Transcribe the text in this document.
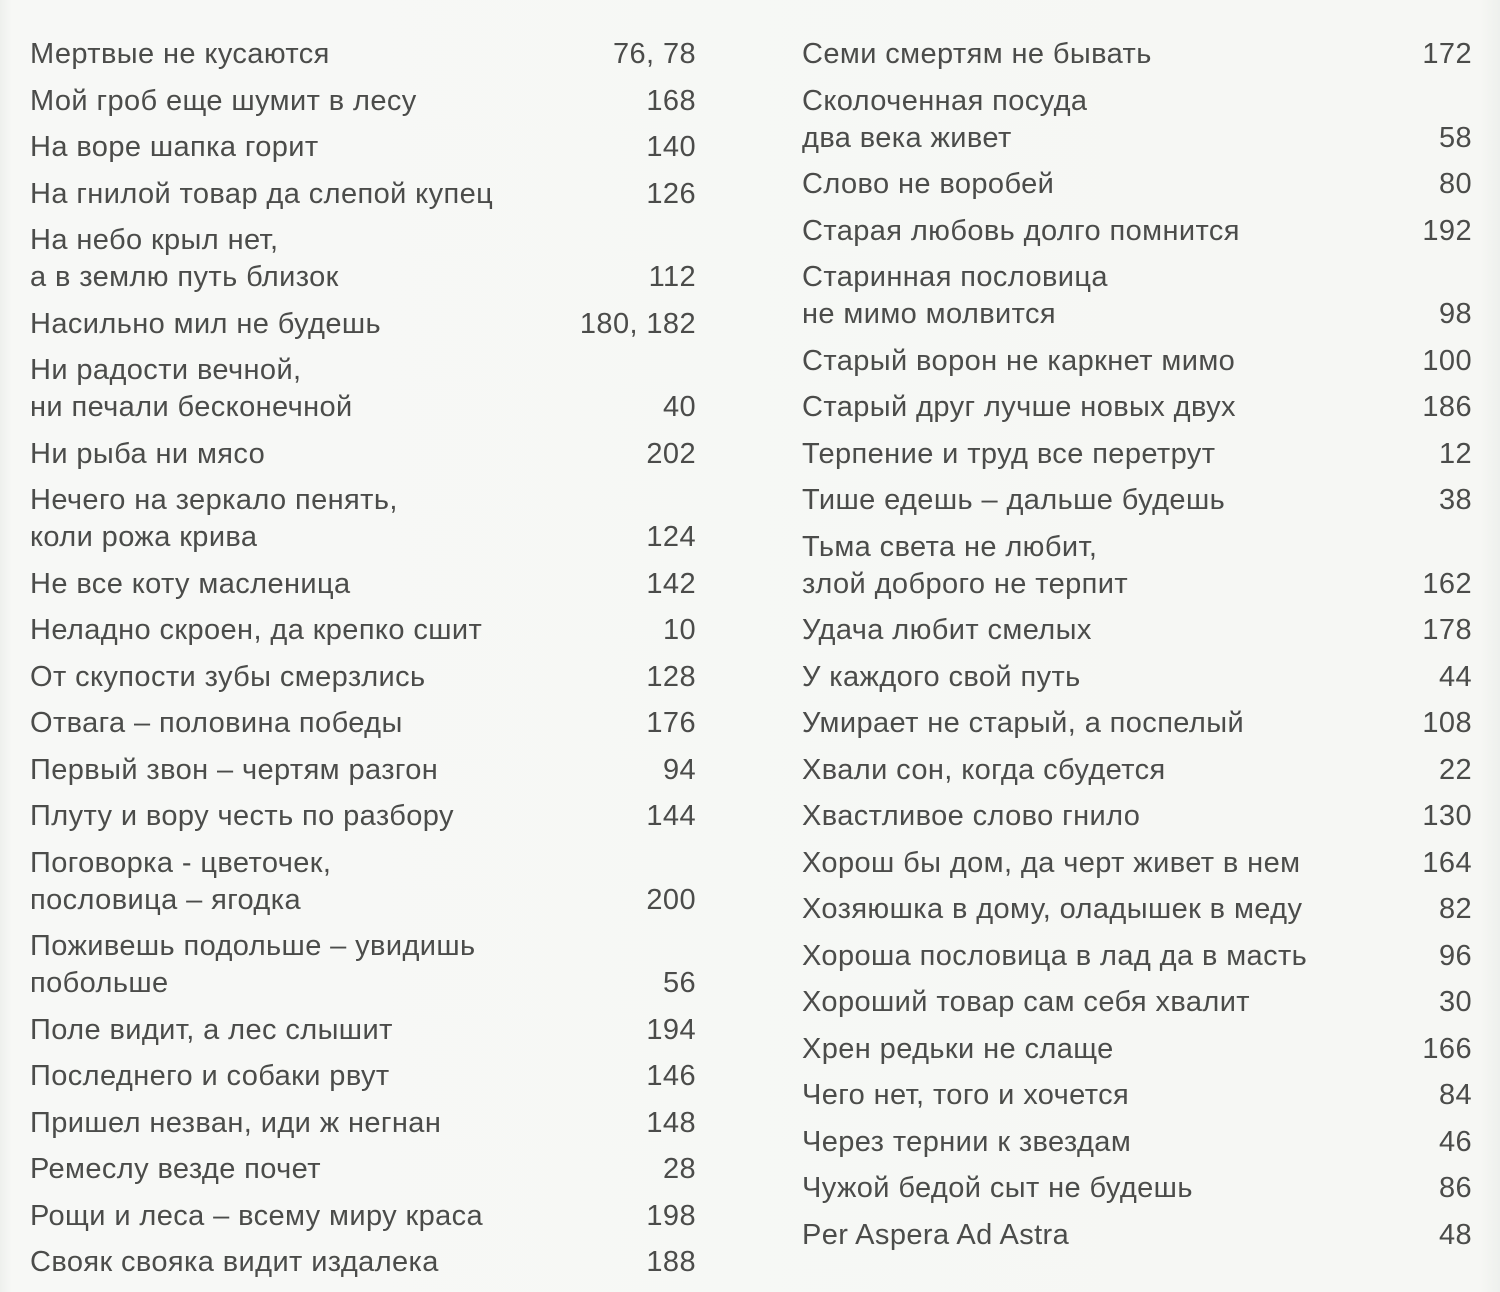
Мертвые не кусаются	76, 78
Мой гроб еще шумит в лесу	168
На воре шапка горит	140
На гнилой товар да слепой купец	126
На небо крыл нет,
а в землю путь близок	112
Насильно мил не будешь	180, 182
Ни радости вечной,
ни печали бесконечной	40
Ни рыба ни мясо	202
Нечего на зеркало пенять,
коли рожа крива	124
Не все коту масленица	142
Неладно скроен, да крепко сшит	10
От скупости зубы смерзлись	128
Отвага – половина победы	176
Первый звон – чертям разгон	94
Плуту и вору честь по разбору	144
Поговорка - цветочек,
пословица – ягодка	200
Поживешь подольше – увидишь
побольше	56
Поле видит, а лес слышит	194
Последнего и собаки рвут	146
Пришел незван, иди ж негнан	148
Ремеслу везде почет	28
Рощи и леса – всему миру краса	198
Свояк свояка видит издалека	188
Семи смертям не бывать	172
Сколоченная посуда
два века живет	58
Слово не воробей	80
Старая любовь долго помнится	192
Старинная пословица
не мимо молвится	98
Старый ворон не каркнет мимо	100
Старый друг лучше новых двух	186
Терпение и труд все перетрут	12
Тише едешь – дальше будешь	38
Тьма света не любит,
злой доброго не терпит	162
Удача любит смелых	178
У каждого свой путь	44
Умирает не старый, а поспелый	108
Хвали сон, когда сбудется	22
Хвастливое слово гнило	130
Хорош бы дом, да черт живет в нем	164
Хозяюшка в дому, оладышек в меду	82
Хороша пословица в лад да в масть	96
Хороший товар сам себя хвалит	30
Хрен редьки не слаще	166
Чего нет, того и хочется	84
Через тернии к звездам	46
Чужой бедой сыт не будешь	86
Per Aspera Ad Astra	48
